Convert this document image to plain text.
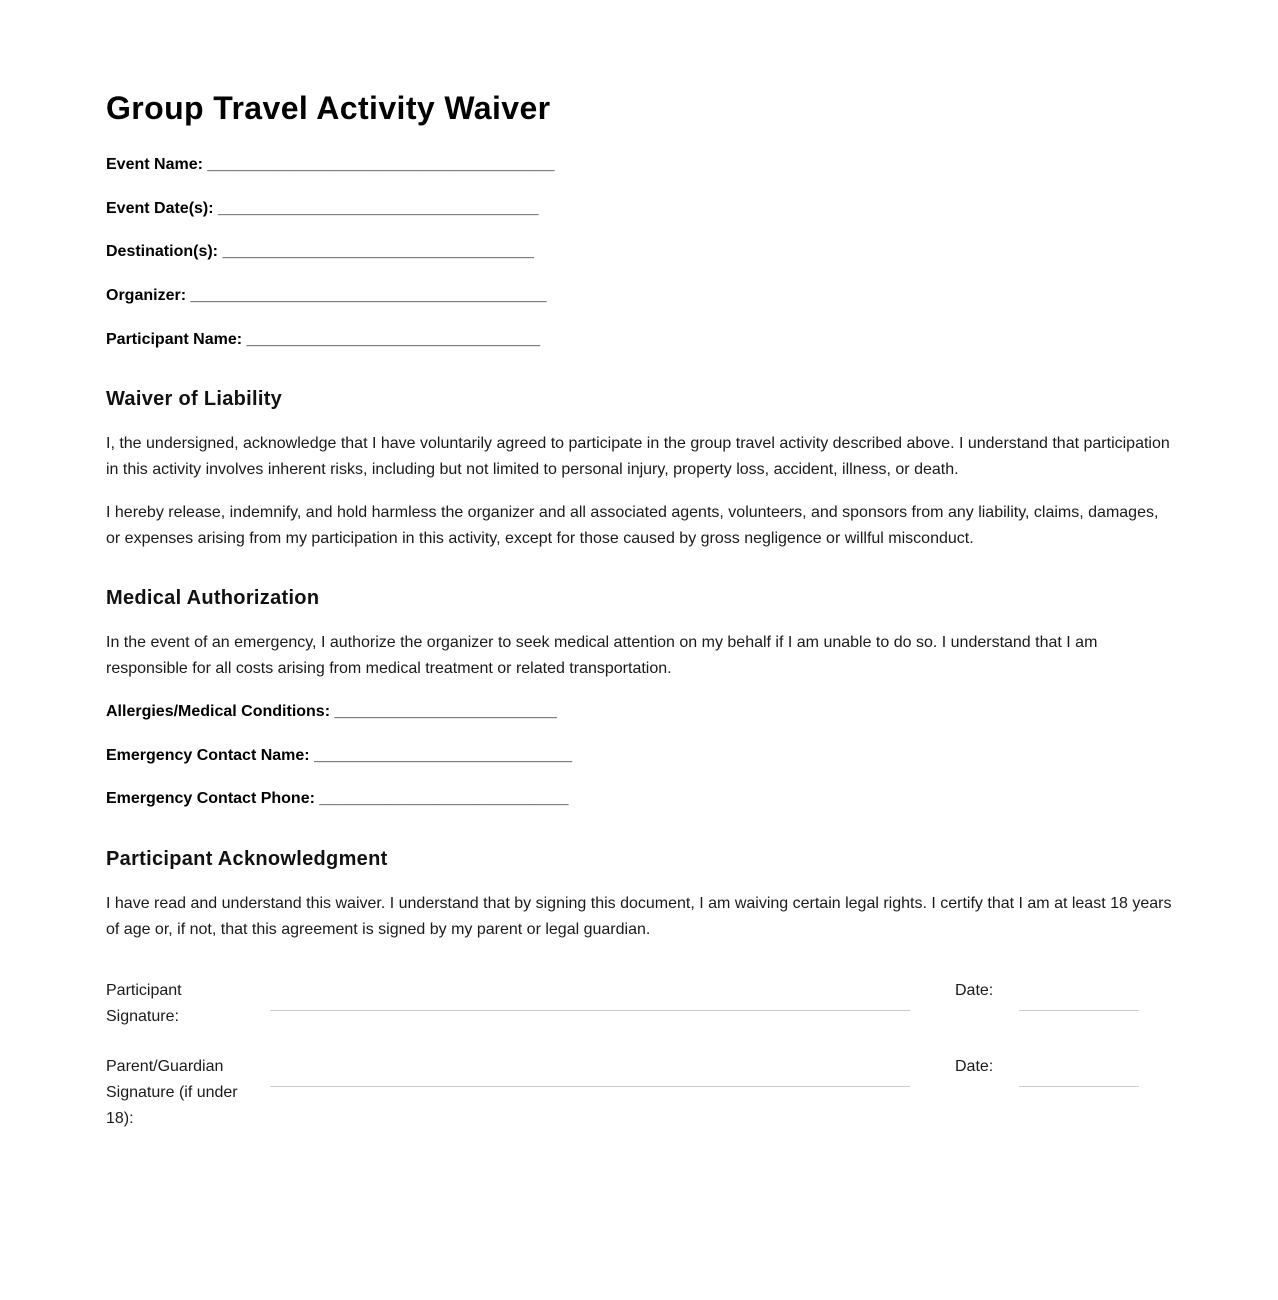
Group Travel Activity Waiver

Event Name: _______________________________________

Event Date(s): ____________________________________

Destination(s): ___________________________________

Organizer: ________________________________________

Participant Name: _________________________________

Waiver of Liability

I, the undersigned, acknowledge that I have voluntarily agreed to participate in the group travel activity described above. I understand that participation in this activity involves inherent risks, including but not limited to personal injury, property loss, accident, illness, or death.

I hereby release, indemnify, and hold harmless the organizer and all associated agents, volunteers, and sponsors from any liability, claims, damages, or expenses arising from my participation in this activity, except for those caused by gross negligence or willful misconduct.

Medical Authorization

In the event of an emergency, I authorize the organizer to seek medical attention on my behalf if I am unable to do so. I understand that I am responsible for all costs arising from medical treatment or related transportation.

Allergies/Medical Conditions: _________________________

Emergency Contact Name: _____________________________

Emergency Contact Phone: ____________________________

Participant Acknowledgment

I have read and understand this waiver. I understand that by signing this document, I am waiving certain legal rights. I certify that I am at least 18 years of age or, if not, that this agreement is signed by my parent or legal guardian.

Participant Signature:
Date:
Parent/Guardian Signature (if under 18):
Date:
